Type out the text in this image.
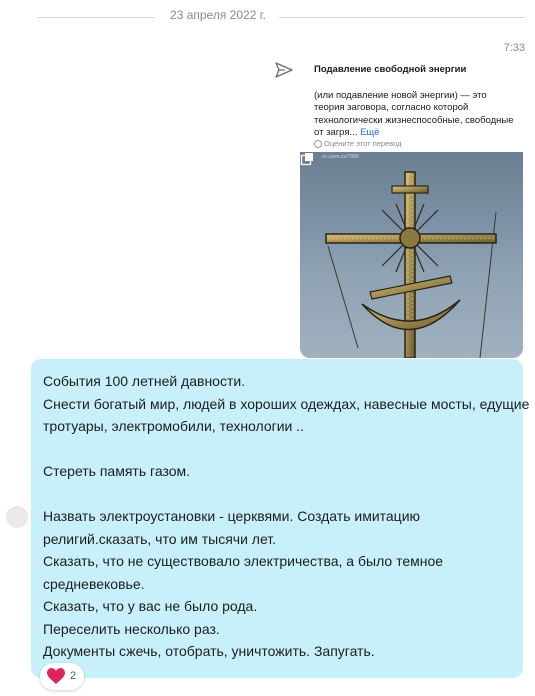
23 апреля 2022 г.
7:33
Подавление свободной энергии
(или подавление новой энергии) — это теория заговора, согласно которой технологически жизнеспособные, свободные от загря... Ещё
Оцените этот перевод
m.i.avm.co/7880
События 100 летней давности.
Снести богатый мир, людей в хороших одеждах, навесные мосты, едущие
тротуары, электромобили, технологии ..
Стереть память газом.
Назвать электроустановки - церквями. Создать имитацию
религий.сказать, что им тысячи лет.
Сказать, что не существовало электричества, а было темное
средневековье.
Сказать, что у вас не было рода.
Переселить несколько раз.
Документы сжечь, отобрать, уничтожить. Запугать.
2
